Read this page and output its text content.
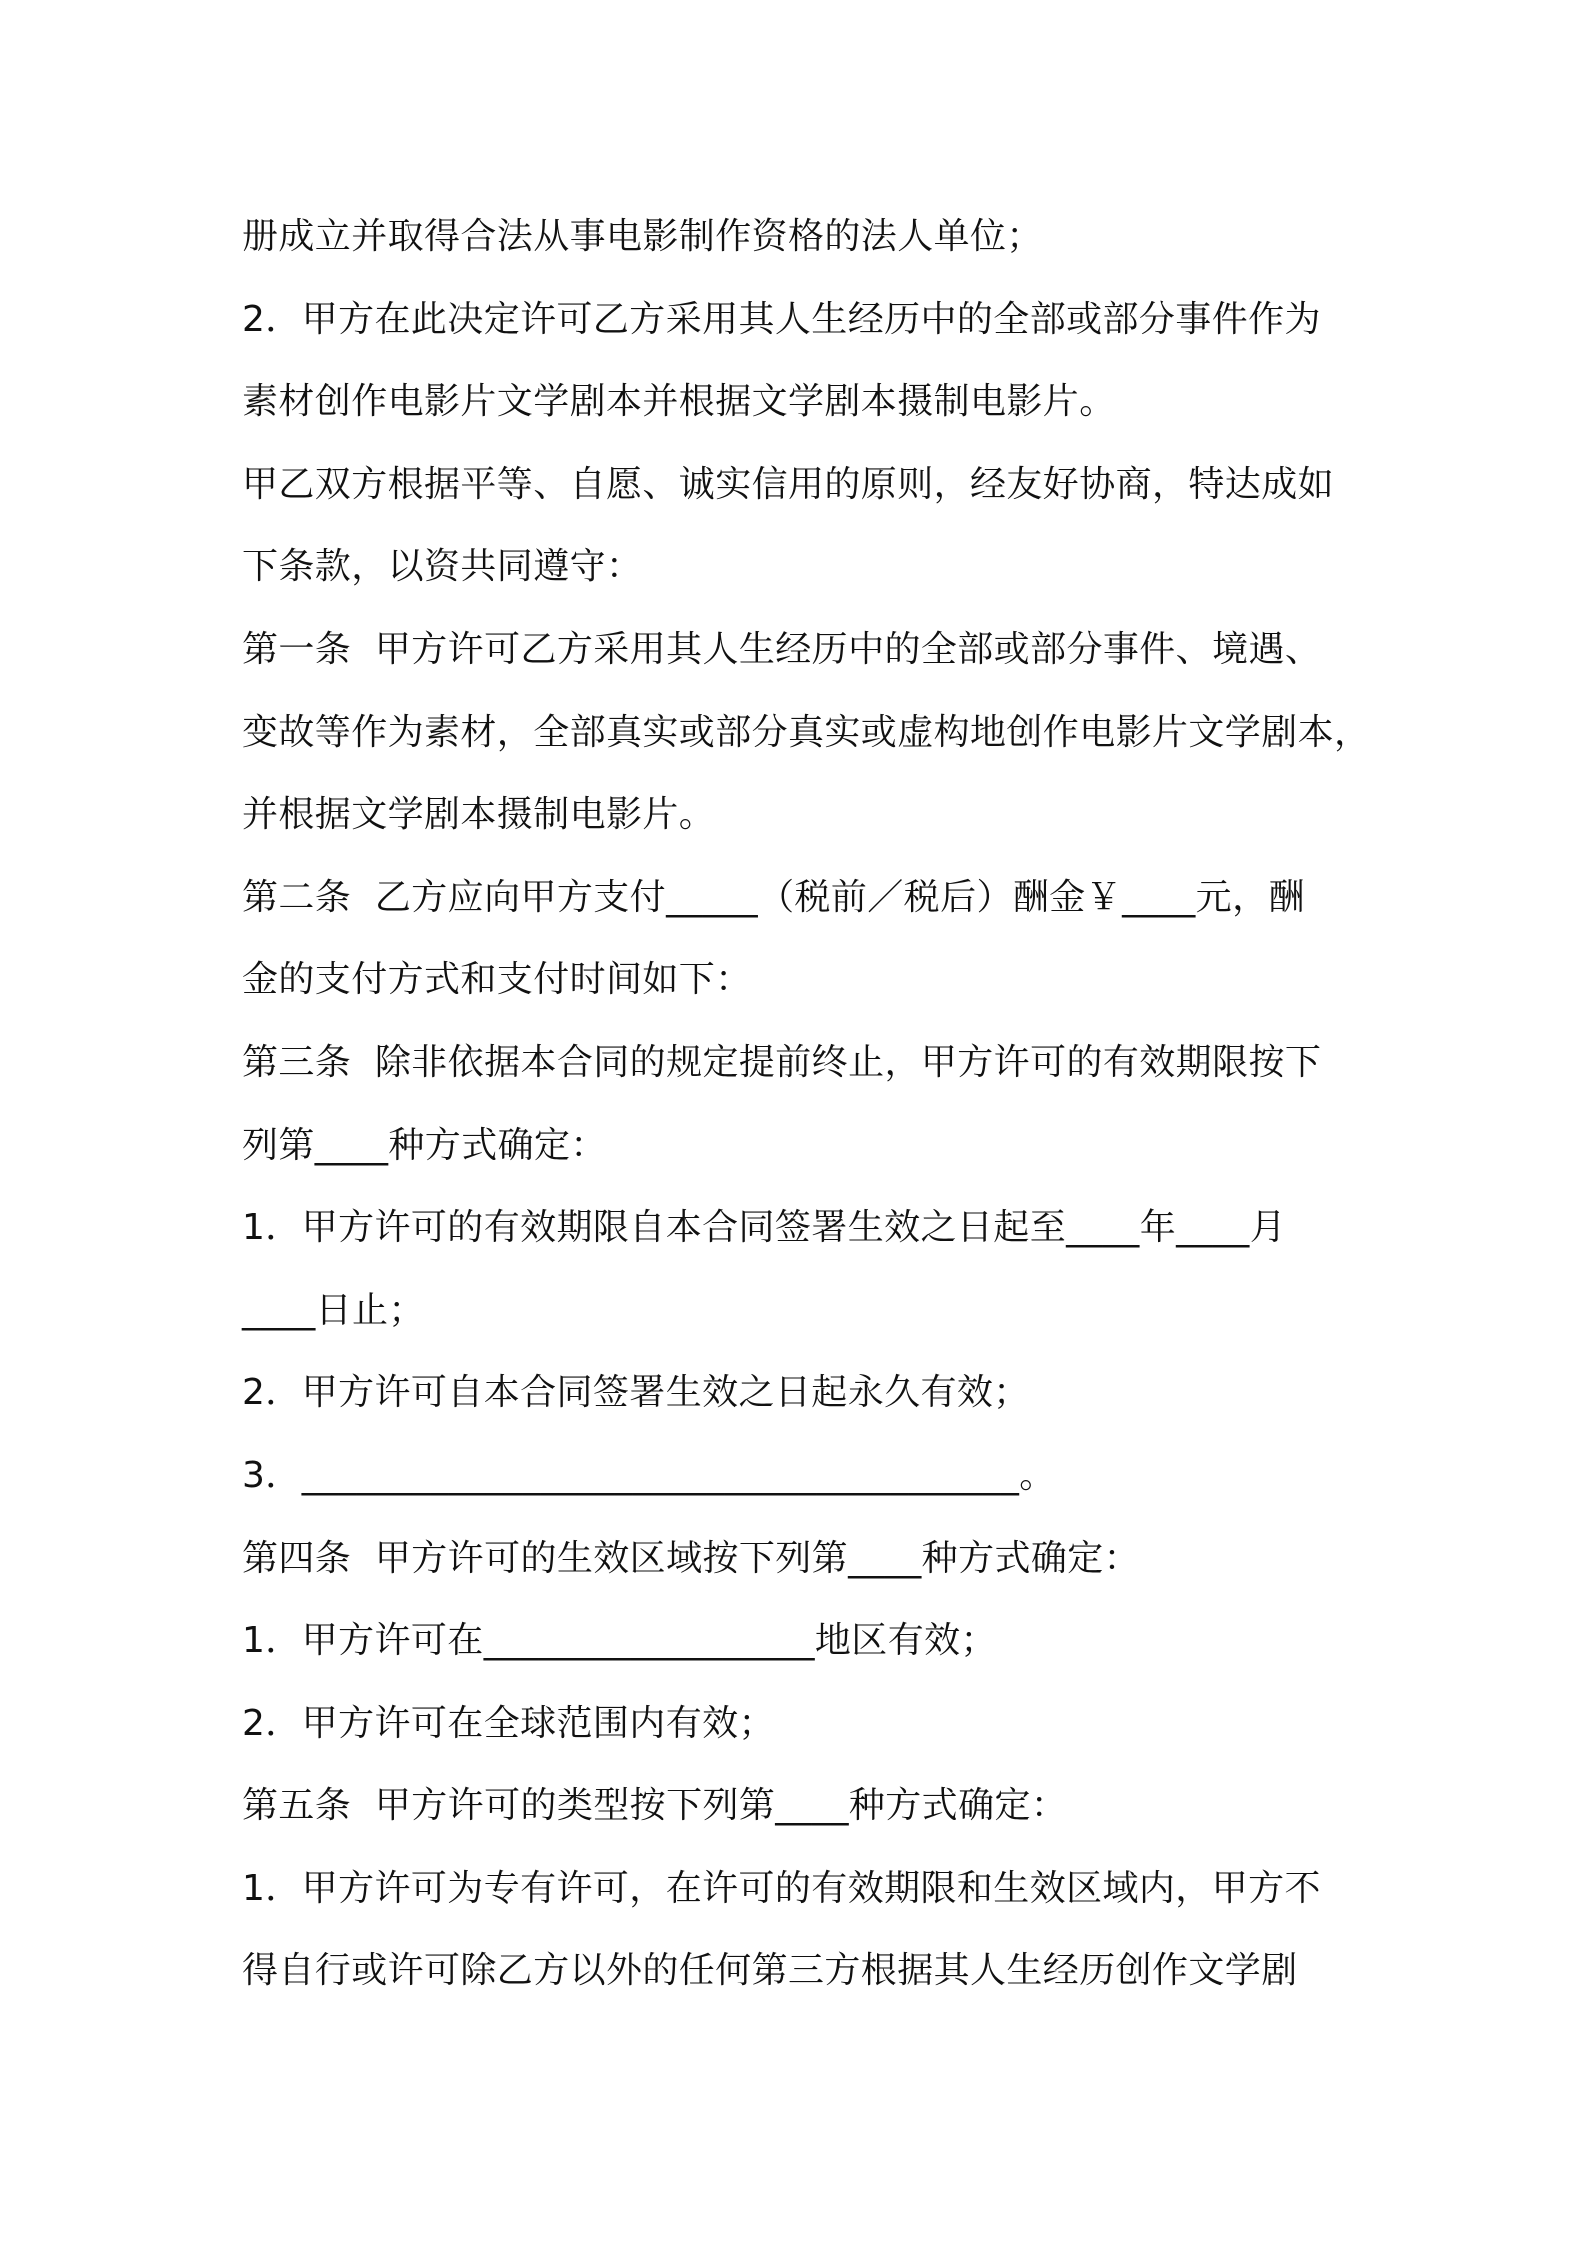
册成立并取得合法从事电影制作资格的法人单位；
2．甲方在此决定许可乙方采用其人生经历中的全部或部分事件作为
素材创作电影片文学剧本并根据文学剧本摄制电影片。
甲乙双方根据平等、自愿、诚实信用的原则，经友好协商，特达成如
下条款，以资共同遵守：
第一条  甲方许可乙方采用其人生经历中的全部或部分事件、境遇、
变故等作为素材，全部真实或部分真实或虚构地创作电影片文学剧本，
并根据文学剧本摄制电影片。
第二条  乙方应向甲方支付_____（税前／税后）酬金￥____元，酬
金的支付方式和支付时间如下：
第三条  除非依据本合同的规定提前终止，甲方许可的有效期限按下
列第____种方式确定：
1．甲方许可的有效期限自本合同签署生效之日起至____年____月
____日止；
2．甲方许可自本合同签署生效之日起永久有效；
3．_______________________________________。
第四条  甲方许可的生效区域按下列第____种方式确定：
1．甲方许可在__________________地区有效；
2．甲方许可在全球范围内有效；
第五条  甲方许可的类型按下列第____种方式确定：
1．甲方许可为专有许可，在许可的有效期限和生效区域内，甲方不
得自行或许可除乙方以外的任何第三方根据其人生经历创作文学剧
